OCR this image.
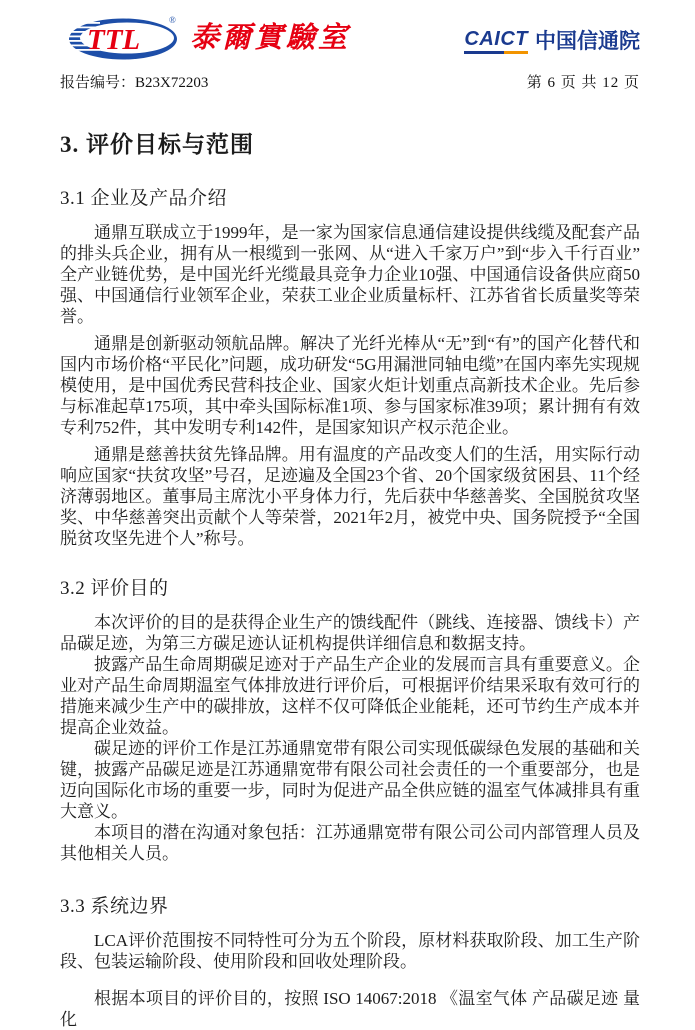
TTL
®
泰爾實驗室	CAICT 中国信通院
报告编号：B23X72203	第 6 页 共 12 页
3. 评价目标与范围
3.1 企业及产品介绍

通鼎互联成立于1999年，是一家为国家信息通信建设提供线缆及配套产品的排头兵企业，拥有从一根缆到一张网、从“进入千家万户”到“步入千行百业”全产业链优势，是中国光纤光缆最具竞争力企业10强、中国通信设备供应商50强、中国通信行业领军企业，荣获工业企业质量标杆、江苏省省长质量奖等荣誉。

通鼎是创新驱动领航品牌。解决了光纤光棒从“无”到“有”的国产化替代和国内市场价格“平民化”问题，成功研发“5G用漏泄同轴电缆”在国内率先实现规模使用，是中国优秀民营科技企业、国家火炬计划重点高新技术企业。先后参与标准起草175项，其中牵头国际标准1项、参与国家标准39项；累计拥有有效专利752件，其中发明专利142件，是国家知识产权示范企业。

通鼎是慈善扶贫先锋品牌。用有温度的产品改变人们的生活，用实际行动响应国家“扶贫攻坚”号召，足迹遍及全国23个省、20个国家级贫困县、11个经济薄弱地区。董事局主席沈小平身体力行，先后获中华慈善奖、全国脱贫攻坚奖、中华慈善突出贡献个人等荣誉，2021年2月，被党中央、国务院授予“全国脱贫攻坚先进个人”称号。

3.2 评价目的

本次评价的目的是获得企业生产的馈线配件（跳线、连接器、馈线卡）产品碳足迹，为第三方碳足迹认证机构提供详细信息和数据支持。

披露产品生命周期碳足迹对于产品生产企业的发展而言具有重要意义。企业对产品生命周期温室气体排放进行评价后，可根据评价结果采取有效可行的措施来减少生产中的碳排放，这样不仅可降低企业能耗，还可节约生产成本并提高企业效益。

碳足迹的评价工作是江苏通鼎宽带有限公司实现低碳绿色发展的基础和关键，披露产品碳足迹是江苏通鼎宽带有限公司社会责任的一个重要部分，也是迈向国际化市场的重要一步，同时为促进产品全供应链的温室气体减排具有重大意义。

本项目的潜在沟通对象包括：江苏通鼎宽带有限公司公司内部管理人员及其他相关人员。

3.3 系统边界

LCA评价范围按不同特性可分为五个阶段，原材料获取阶段、加工生产阶段、包装运输阶段、使用阶段和回收处理阶段。

根据本项目的评价目的，按照 ISO 14067:2018 《温室气体 产品碳足迹 量化
